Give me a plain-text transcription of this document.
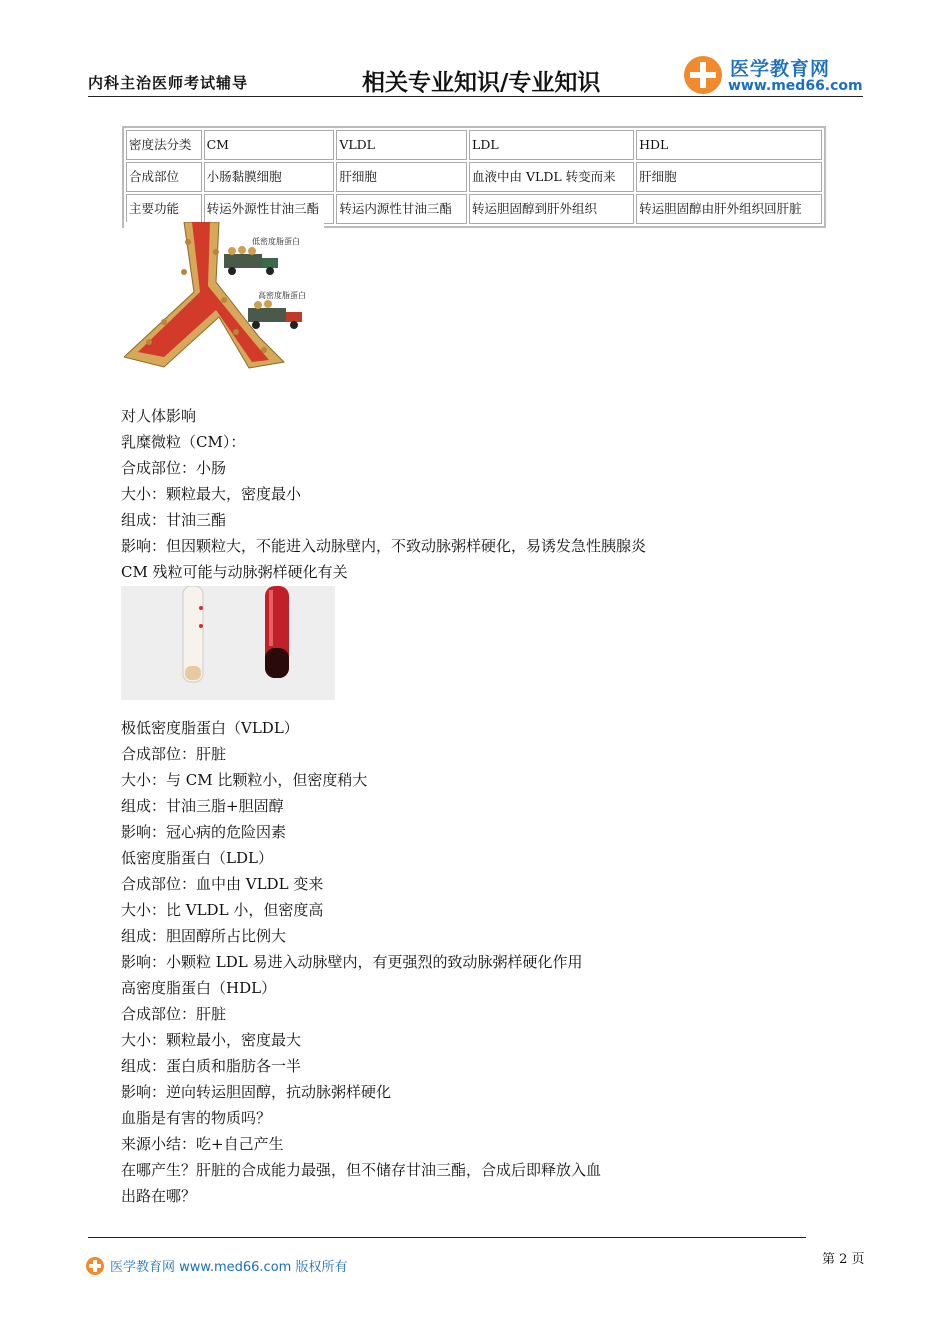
内科主治医师考试辅导	相关专业知识/专业知识
医学教育网
www.med66.com
密度法分类	CM	VLDL	LDL	HDL
合成部位	小肠黏膜细胞	肝细胞	血液中由 VLDL 转变而来	肝细胞
主要功能	转运外源性甘油三酯	转运内源性甘油三酯	转运胆固醇到肝外组织	转运胆固醇由肝外组织回肝脏
低密度脂蛋白
高密度脂蛋白
对人体影响
乳糜微粒（CM）：
合成部位：小肠
大小：颗粒最大，密度最小
组成：甘油三酯
影响：但因颗粒大，不能进入动脉壁内，不致动脉粥样硬化，易诱发急性胰腺炎
CM 残粒可能与动脉粥样硬化有关
极低密度脂蛋白（VLDL）
合成部位：肝脏
大小：与 CM 比颗粒小，但密度稍大
组成：甘油三脂+胆固醇
影响：冠心病的危险因素
低密度脂蛋白（LDL）
合成部位：血中由 VLDL 变来
大小：比 VLDL 小，但密度高
组成：胆固醇所占比例大
影响：小颗粒 LDL 易进入动脉壁内，有更强烈的致动脉粥样硬化作用
高密度脂蛋白（HDL）
合成部位：肝脏
大小：颗粒最小，密度最大
组成：蛋白质和脂肪各一半
影响：逆向转运胆固醇，抗动脉粥样硬化
血脂是有害的物质吗？
来源小结：吃+自己产生
在哪产生？肝脏的合成能力最强，但不储存甘油三酯，合成后即释放入血
出路在哪？
第 2 页
医学教育网 www.med66.com 版权所有
